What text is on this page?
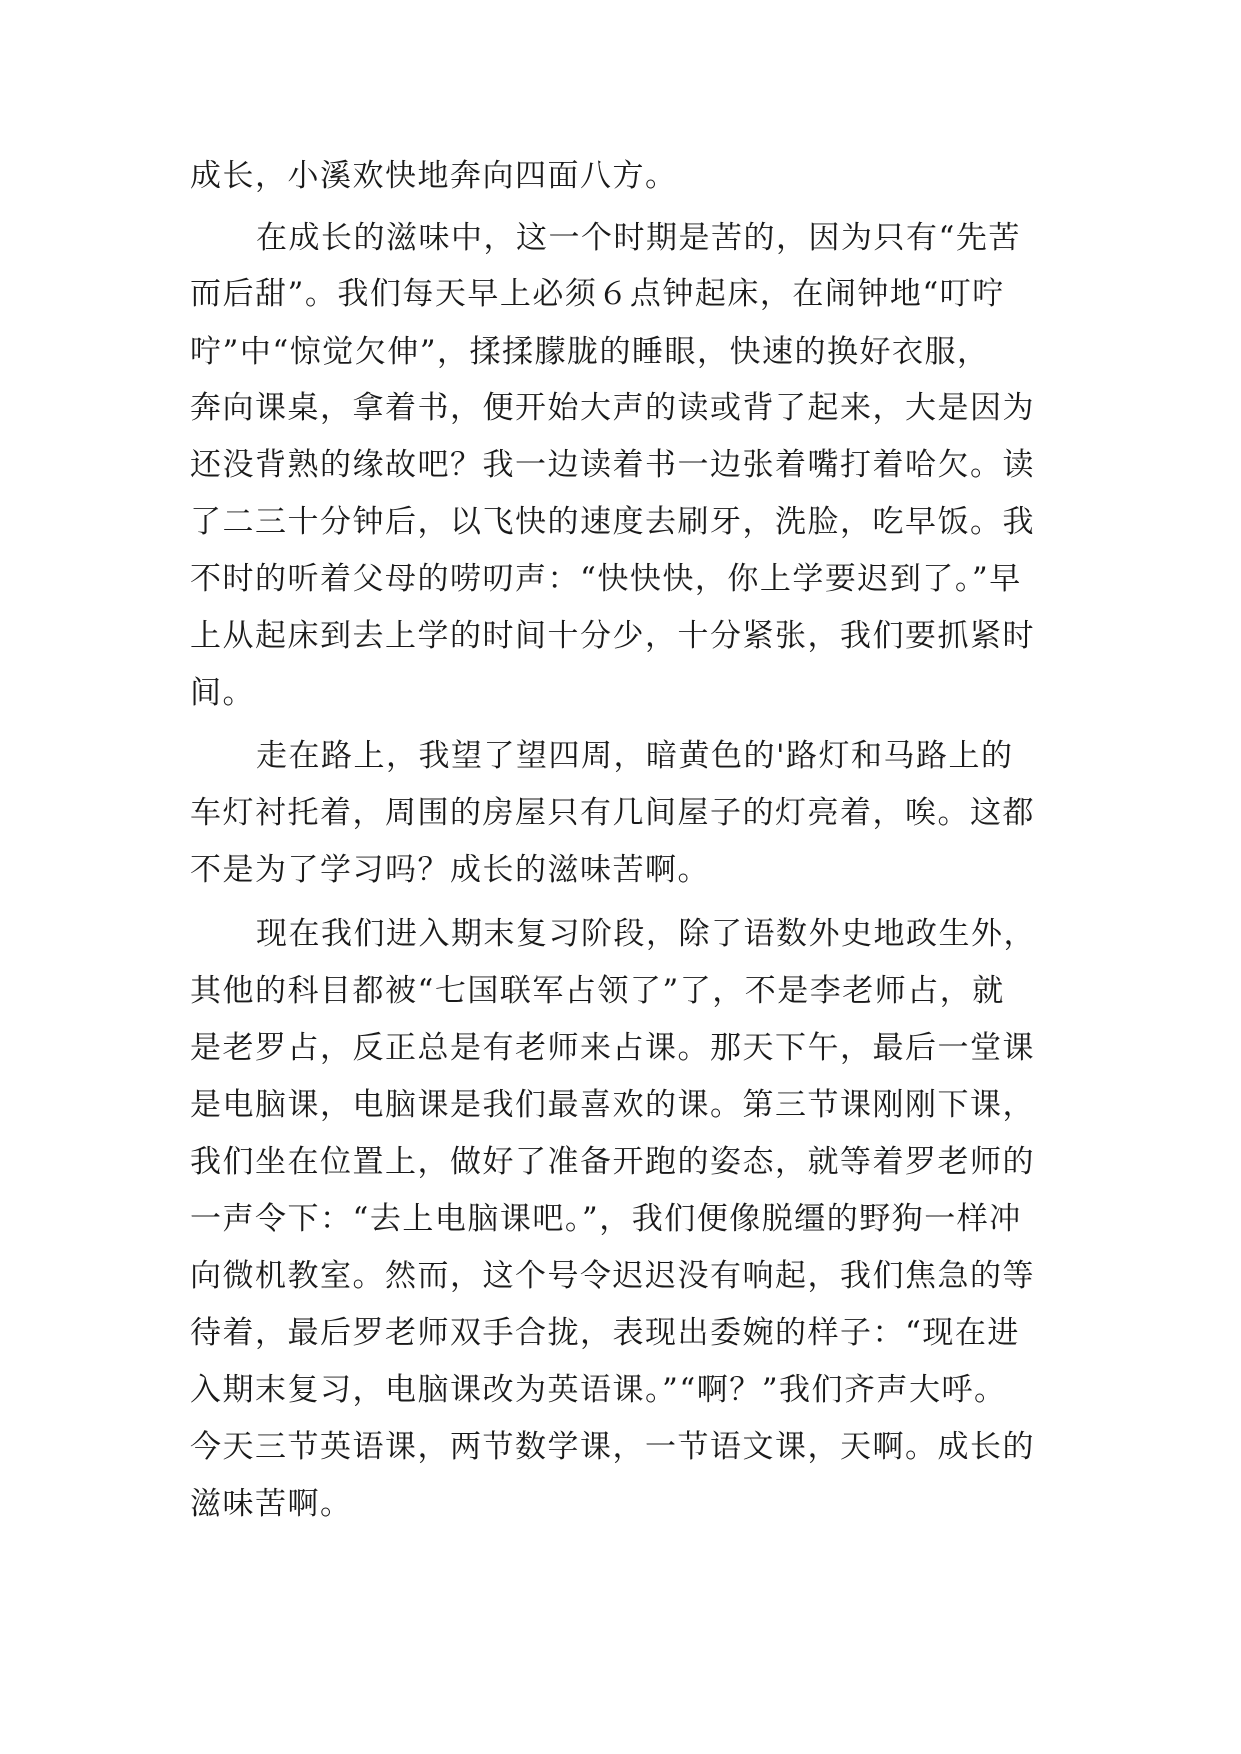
成长，小溪欢快地奔向四面八方。
在成长的滋味中，这一个时期是苦的，因为只有“先苦
而后甜”。我们每天早上必须６点钟起床，在闹钟地“叮咛
咛”中“惊觉欠伸”，揉揉朦胧的睡眼，快速的换好衣服，
奔向课桌，拿着书，便开始大声的读或背了起来，大是因为
还没背熟的缘故吧？我一边读着书一边张着嘴打着哈欠。读
了二三十分钟后，以飞快的速度去刷牙，洗脸，吃早饭。我
不时的听着父母的唠叨声：“快快快，你上学要迟到了。”早
上从起床到去上学的时间十分少，十分紧张，我们要抓紧时
间。
走在路上，我望了望四周，暗黄色的'路灯和马路上的
车灯衬托着，周围的房屋只有几间屋子的灯亮着，唉。这都
不是为了学习吗？成长的滋味苦啊。
现在我们进入期末复习阶段，除了语数外史地政生外，
其他的科目都被“七国联军占领了”了，不是李老师占，就
是老罗占，反正总是有老师来占课。那天下午，最后一堂课
是电脑课，电脑课是我们最喜欢的课。第三节课刚刚下课，
我们坐在位置上，做好了准备开跑的姿态，就等着罗老师的
一声令下：“去上电脑课吧。”，我们便像脱缰的野狗一样冲
向微机教室。然而，这个号令迟迟没有响起，我们焦急的等
待着，最后罗老师双手合拢，表现出委婉的样子：“现在进
入期末复习，电脑课改为英语课。”“啊？”我们齐声大呼。
今天三节英语课，两节数学课，一节语文课，天啊。成长的
滋味苦啊。
